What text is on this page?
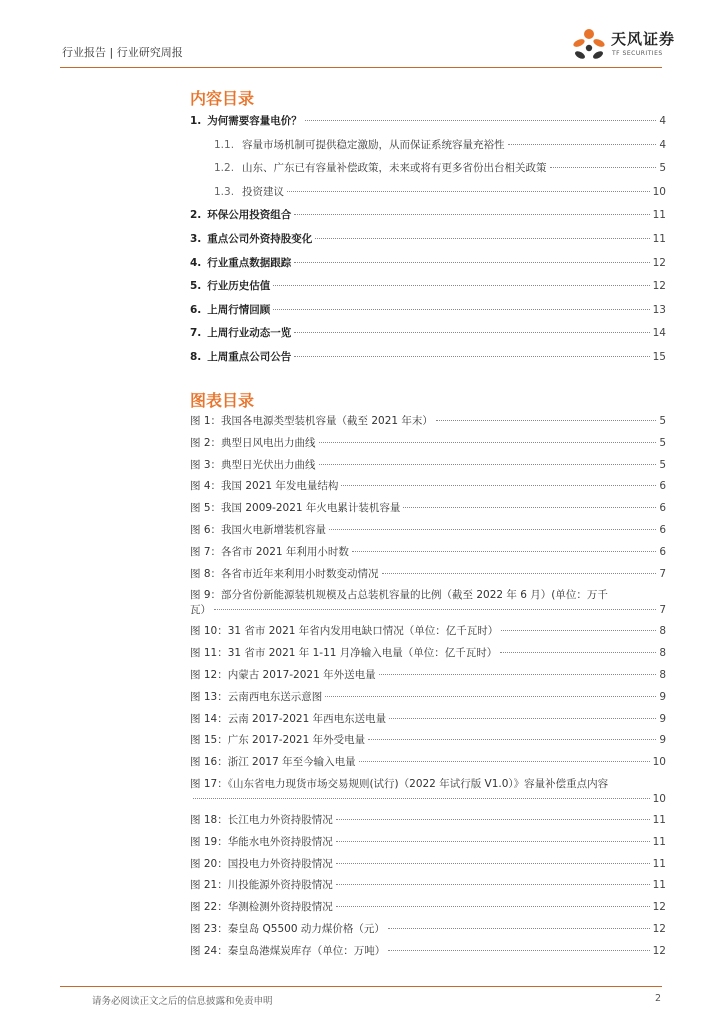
行业报告 | 行业研究周报
天风证券
TF SECURITIES
内容目录
1. 为何需要容量电价？	4
1.1. 容量市场机制可提供稳定激励，从而保证系统容量充裕性	4
1.2. 山东、广东已有容量补偿政策，未来或将有更多省份出台相关政策	5
1.3. 投资建议	10
2. 环保公用投资组合	11
3. 重点公司外资持股变化	11
4. 行业重点数据跟踪	12
5. 行业历史估值	12
6. 上周行情回顾	13
7. 上周行业动态一览	14
8. 上周重点公司公告	15
图表目录
图 1：我国各电源类型装机容量（截至 2021 年末）	5
图 2：典型日风电出力曲线	5
图 3：典型日光伏出力曲线	5
图 4：我国 2021 年发电量结构	6
图 5：我国 2009-2021 年火电累计装机容量	6
图 6：我国火电新增装机容量	6
图 7：各省市 2021 年利用小时数	6
图 8：各省市近年来利用小时数变动情况	7
图 9：部分省份新能源装机规模及占总装机容量的比例（截至 2022 年 6 月）(单位：万千
瓦）	7
图 10：31 省市 2021 年省内发用电缺口情况（单位：亿千瓦时）	8
图 11：31 省市 2021 年 1-11 月净输入电量（单位：亿千瓦时）	8
图 12：内蒙古 2017-2021 年外送电量	8
图 13：云南西电东送示意图	9
图 14：云南 2017-2021 年西电东送电量	9
图 15：广东 2017-2021 年外受电量	9
图 16：浙江 2017 年至今输入电量	10
图 17：《山东省电力现货市场交易规则(试行)（2022 年试行版 V1.0）》容量补偿重点内容
10
图 18：长江电力外资持股情况	11
图 19：华能水电外资持股情况	11
图 20：国投电力外资持股情况	11
图 21：川投能源外资持股情况	11
图 22：华测检测外资持股情况	12
图 23：秦皇岛 Q5500 动力煤价格（元）	12
图 24：秦皇岛港煤炭库存（单位：万吨）	12
请务必阅读正文之后的信息披露和免责申明	2
